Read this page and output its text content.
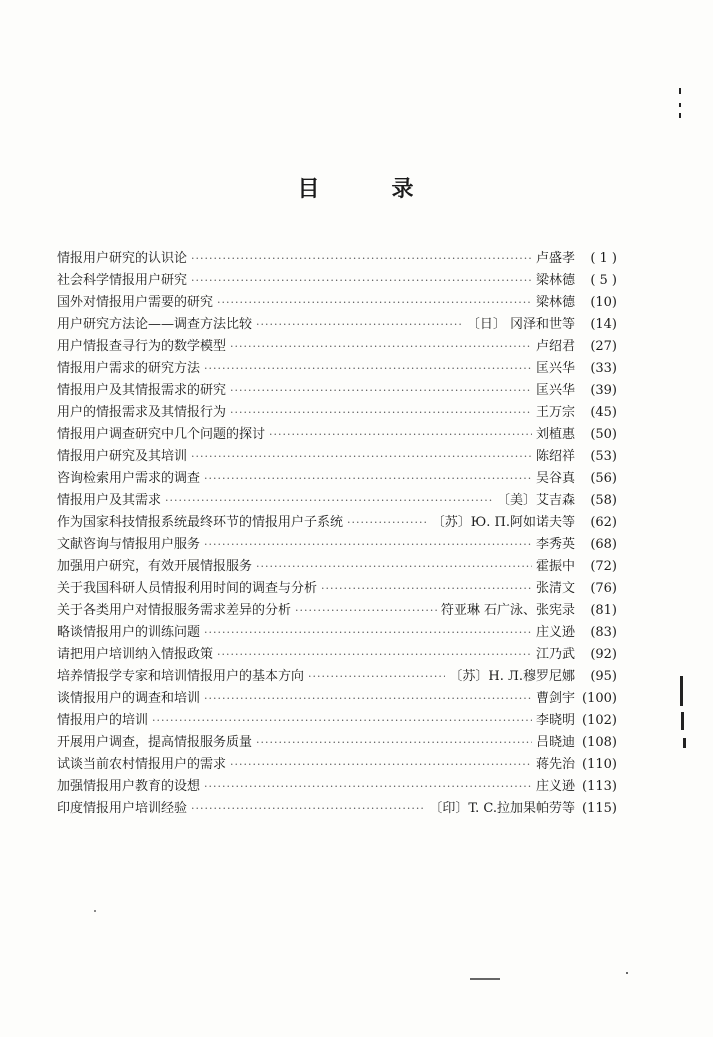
目	录
情报用户研究的认识论 ·····	卢盛孝	( 1 )
社会科学情报用户研究 ·····	梁林德	( 5 )
国外对情报用户需要的研究 ·····	梁林德	(10)
用户研究方法论——调查方法比较 ·····	〔日〕 冈泽和世等	(14)
用户情报查寻行为的数学模型 ·····	卢绍君	(27)
情报用户需求的研究方法 ·····	匡兴华	(33)
情报用户及其情报需求的研究 ·····	匡兴华	(39)
用户的情报需求及其情报行为 ·····	王万宗	(45)
情报用户调查研究中几个问题的探讨 ·····	刘植惠	(50)
情报用户研究及其培训 ·····	陈绍祥	(53)
咨询检索用户需求的调查 ·····	吴谷真	(56)
情报用户及其需求 ·····	〔美〕艾吉森	(58)
作为国家科技情报系统最终环节的情报用户子系统 ·····	〔苏〕Ю. П.阿如诺夫等	(62)
文献咨询与情报用户服务 ·····	李秀英	(68)
加强用户研究，有效开展情报服务 ·····	霍振中	(72)
关于我国科研人员情报利用时间的调查与分析 ·····	张清文	(76)
关于各类用户对情报服务需求差异的分析 ·····	符亚琳 石广泳、张宪录	(81)
略谈情报用户的训练问题 ·····	庄义逊	(83)
请把用户培训纳入情报政策 ·····	江乃武	(92)
培养情报学专家和培训情报用户的基本方向 ·····	〔苏〕Н. Л.穆罗尼娜	(95)
谈情报用户的调查和培训 ·····	曹剑宇 (100)
情报用户的培训 ·····	李晓明 (102)
开展用户调查，提高情报服务质量 ·····	吕晓迪 (108)
试谈当前农村情报用户的需求 ·····	蒋先治 (110)
加强情报用户教育的设想 ·····	庄义逊 (113)
印度情报用户培训经验 ·····	〔印〕T. C.拉加果帕劳等 (115)
